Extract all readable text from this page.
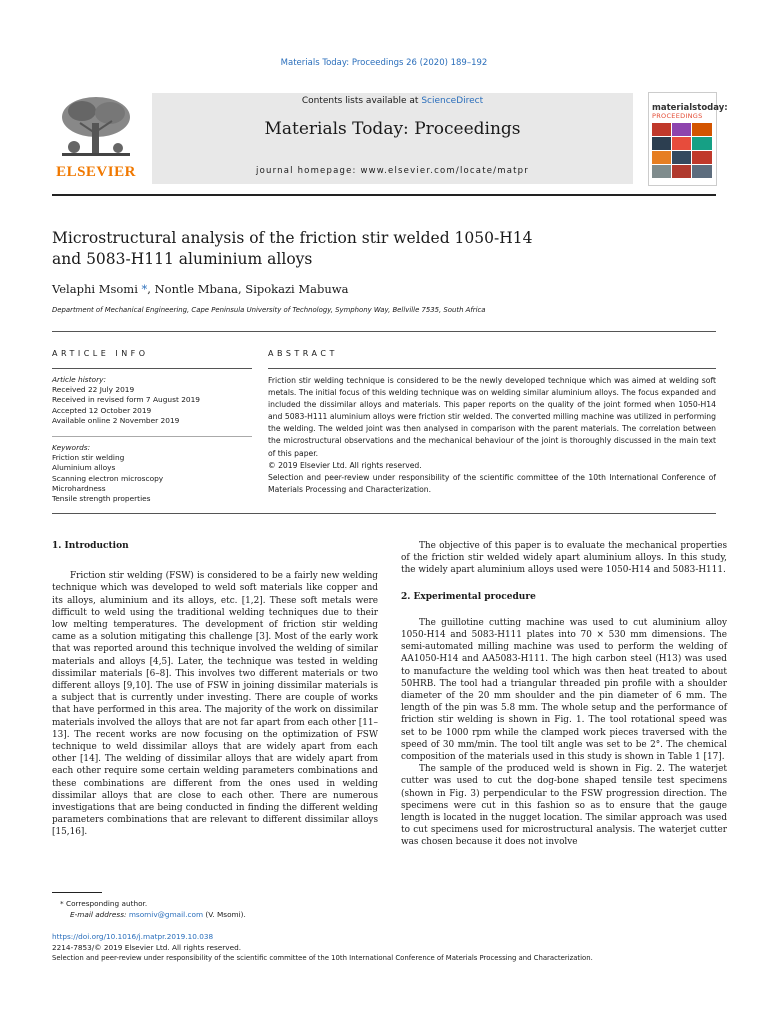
Materials Today: Proceedings 26 (2020) 189–192
ELSEVIER
Contents lists available at ScienceDirect
Materials Today: Proceedings
journal homepage: www.elsevier.com/locate/matpr
materialstoday:
PROCEEDINGS
Microstructural analysis of the friction stir welded 1050-H14
and 5083-H111 aluminium alloys
Velaphi Msomi *, Nontle Mbana, Sipokazi Mabuwa
Department of Mechanical Engineering, Cape Peninsula University of Technology, Symphony Way, Bellville 7535, South Africa
ARTICLE INFO
Article history:
Received 22 July 2019
Received in revised form 7 August 2019
Accepted 12 October 2019
Available online 2 November 2019
Keywords:
Friction stir welding
Aluminium alloys
Scanning electron microscopy
Microhardness
Tensile strength properties
ABSTRACT

Friction stir welding technique is considered to be the newly developed technique which was aimed at welding soft metals. The initial focus of this welding technique was on welding similar aluminium alloys. The focus expanded and included the dissimilar alloys and materials. This paper reports on the quality of the joint formed when 1050-H14 and 5083-H111 aluminium alloys were friction stir welded. The converted milling machine was utilized in performing the welding. The welded joint was then analysed in comparison with the parent materials. The correlation between the microstructural observations and the mechanical behaviour of the joint is thoroughly discussed in the main text of this paper.

© 2019 Elsevier Ltd. All rights reserved.

Selection and peer-review under responsibility of the scientific committee of the 10th International Conference of Materials Processing and Characterization.

1. Introduction

Friction stir welding (FSW) is considered to be a fairly new welding technique which was developed to weld soft materials like copper and its alloys, aluminium and its alloys, etc. [1,2]. These soft metals were difficult to weld using the traditional welding techniques due to their low melting temperatures. The development of friction stir welding came as a solution mitigating this challenge [3]. Most of the early work that was reported around this technique involved the welding of similar materials and alloys [4,5]. Later, the technique was tested in welding dissimilar materials [6–8]. This involves two different materials or two different alloys [9,10]. The use of FSW in joining dissimilar materials is a subject that is currently under investing. There are couple of works that have performed in this area. The majority of the work on dissimilar materials involved the alloys that are not far apart from each other [11–13]. The recent works are now focusing on the optimization of FSW technique to weld dissimilar alloys that are widely apart from each other [14]. The welding of dissimilar alloys that are widely apart from each other require some certain welding parameters combinations and these combinations are different from the ones used in welding dissimilar alloys that are close to each other. There are numerous investigations that are being conducted in finding the different welding parameters combinations that are relevant to different dissimilar alloys [15,16].

The objective of this paper is to evaluate the mechanical properties of the friction stir welded widely apart aluminium alloys. In this study, the widely apart aluminium alloys used were 1050-H14 and 5083-H111.

2. Experimental procedure

The guillotine cutting machine was used to cut aluminium alloy 1050-H14 and 5083-H111 plates into 70 × 530 mm dimensions. The semi-automated milling machine was used to perform the welding of AA1050-H14 and AA5083-H111. The high carbon steel (H13) was used to manufacture the welding tool which was then heat treated to about 50HRB. The tool had a triangular threaded pin profile with a shoulder diameter of the 20 mm shoulder and the pin diameter of 6 mm. The length of the pin was 5.8 mm. The whole setup and the performance of friction stir welding is shown in Fig. 1. The tool rotational speed was set to be 1000 rpm while the clamped work pieces traversed with the speed of 30 mm/min. The tool tilt angle was set to be 2°. The chemical composition of the materials used in this study is shown in Table 1 [17].

The sample of the produced weld is shown in Fig. 2. The waterjet cutter was used to cut the dog-bone shaped tensile test specimens (shown in Fig. 3) perpendicular to the FSW progression direction. The specimens were cut in this fashion so as to ensure that the gauge length is located in the nugget location. The similar approach was used to cut specimens used for microstructural analysis. The waterjet cutter was chosen because it does not involve

* Corresponding author.
E-mail address: msomiv@gmail.com (V. Msomi).
https://doi.org/10.1016/j.matpr.2019.10.038
2214-7853/© 2019 Elsevier Ltd. All rights reserved.
Selection and peer-review under responsibility of the scientific committee of the 10th International Conference of Materials Processing and Characterization.
